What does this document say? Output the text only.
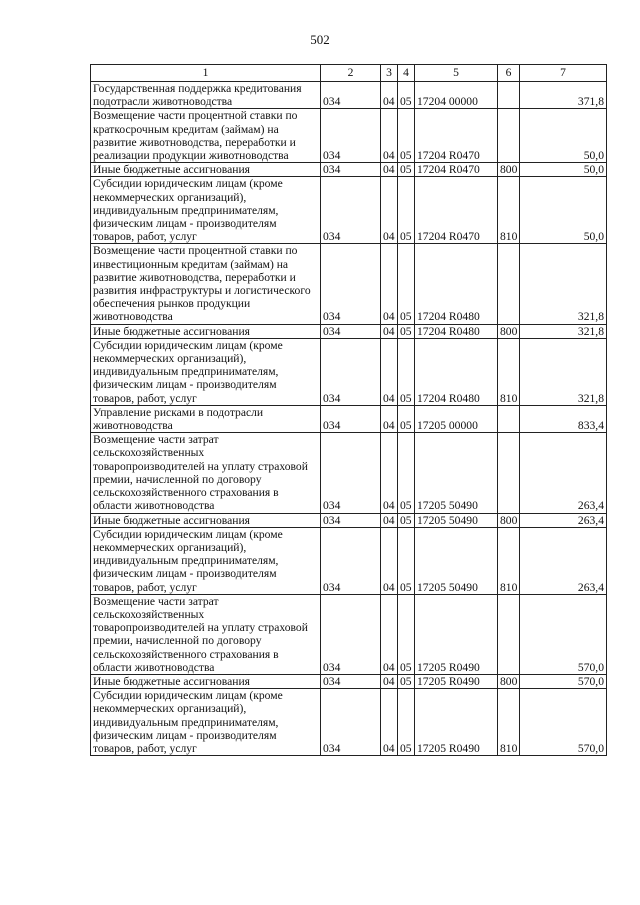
502
1	2	3	4	5	6	7
Государственная поддержка кредитования подотрасли животноводства	034	04	05	17204 00000		371,8
Возмещение части процентной ставки по краткосрочным кредитам (займам) на развитие животноводства, переработки и реализации продукции животноводства	034	04	05	17204 R0470		50,0
Иные бюджетные ассигнования	034	04	05	17204 R0470	800	50,0
Субсидии юридическим лицам (кроме некоммерческих организаций), индивидуальным предпринимателям, физическим лицам - производителям товаров, работ, услуг	034	04	05	17204 R0470	810	50,0
Возмещение части процентной ставки по инвестиционным кредитам (займам) на развитие животноводства, переработки и развития инфраструктуры и логистического обеспечения рынков продукции животноводства	034	04	05	17204 R0480		321,8
Иные бюджетные ассигнования	034	04	05	17204 R0480	800	321,8
Субсидии юридическим лицам (кроме некоммерческих организаций), индивидуальным предпринимателям, физическим лицам - производителям товаров, работ, услуг	034	04	05	17204 R0480	810	321,8
Управление рисками в подотрасли животноводства	034	04	05	17205 00000		833,4
Возмещение части затрат сельскохозяйственных товаропроизводителей на уплату страховой премии, начисленной по договору сельскохозяйственного страхования в области животноводства	034	04	05	17205 50490		263,4
Иные бюджетные ассигнования	034	04	05	17205 50490	800	263,4
Субсидии юридическим лицам (кроме некоммерческих организаций), индивидуальным предпринимателям, физическим лицам - производителям товаров, работ, услуг	034	04	05	17205 50490	810	263,4
Возмещение части затрат сельскохозяйственных товаропроизводителей на уплату страховой премии, начисленной по договору сельскохозяйственного страхования в области животноводства	034	04	05	17205 R0490		570,0
Иные бюджетные ассигнования	034	04	05	17205 R0490	800	570,0
Субсидии юридическим лицам (кроме некоммерческих организаций), индивидуальным предпринимателям, физическим лицам - производителям товаров, работ, услуг	034	04	05	17205 R0490	810	570,0
